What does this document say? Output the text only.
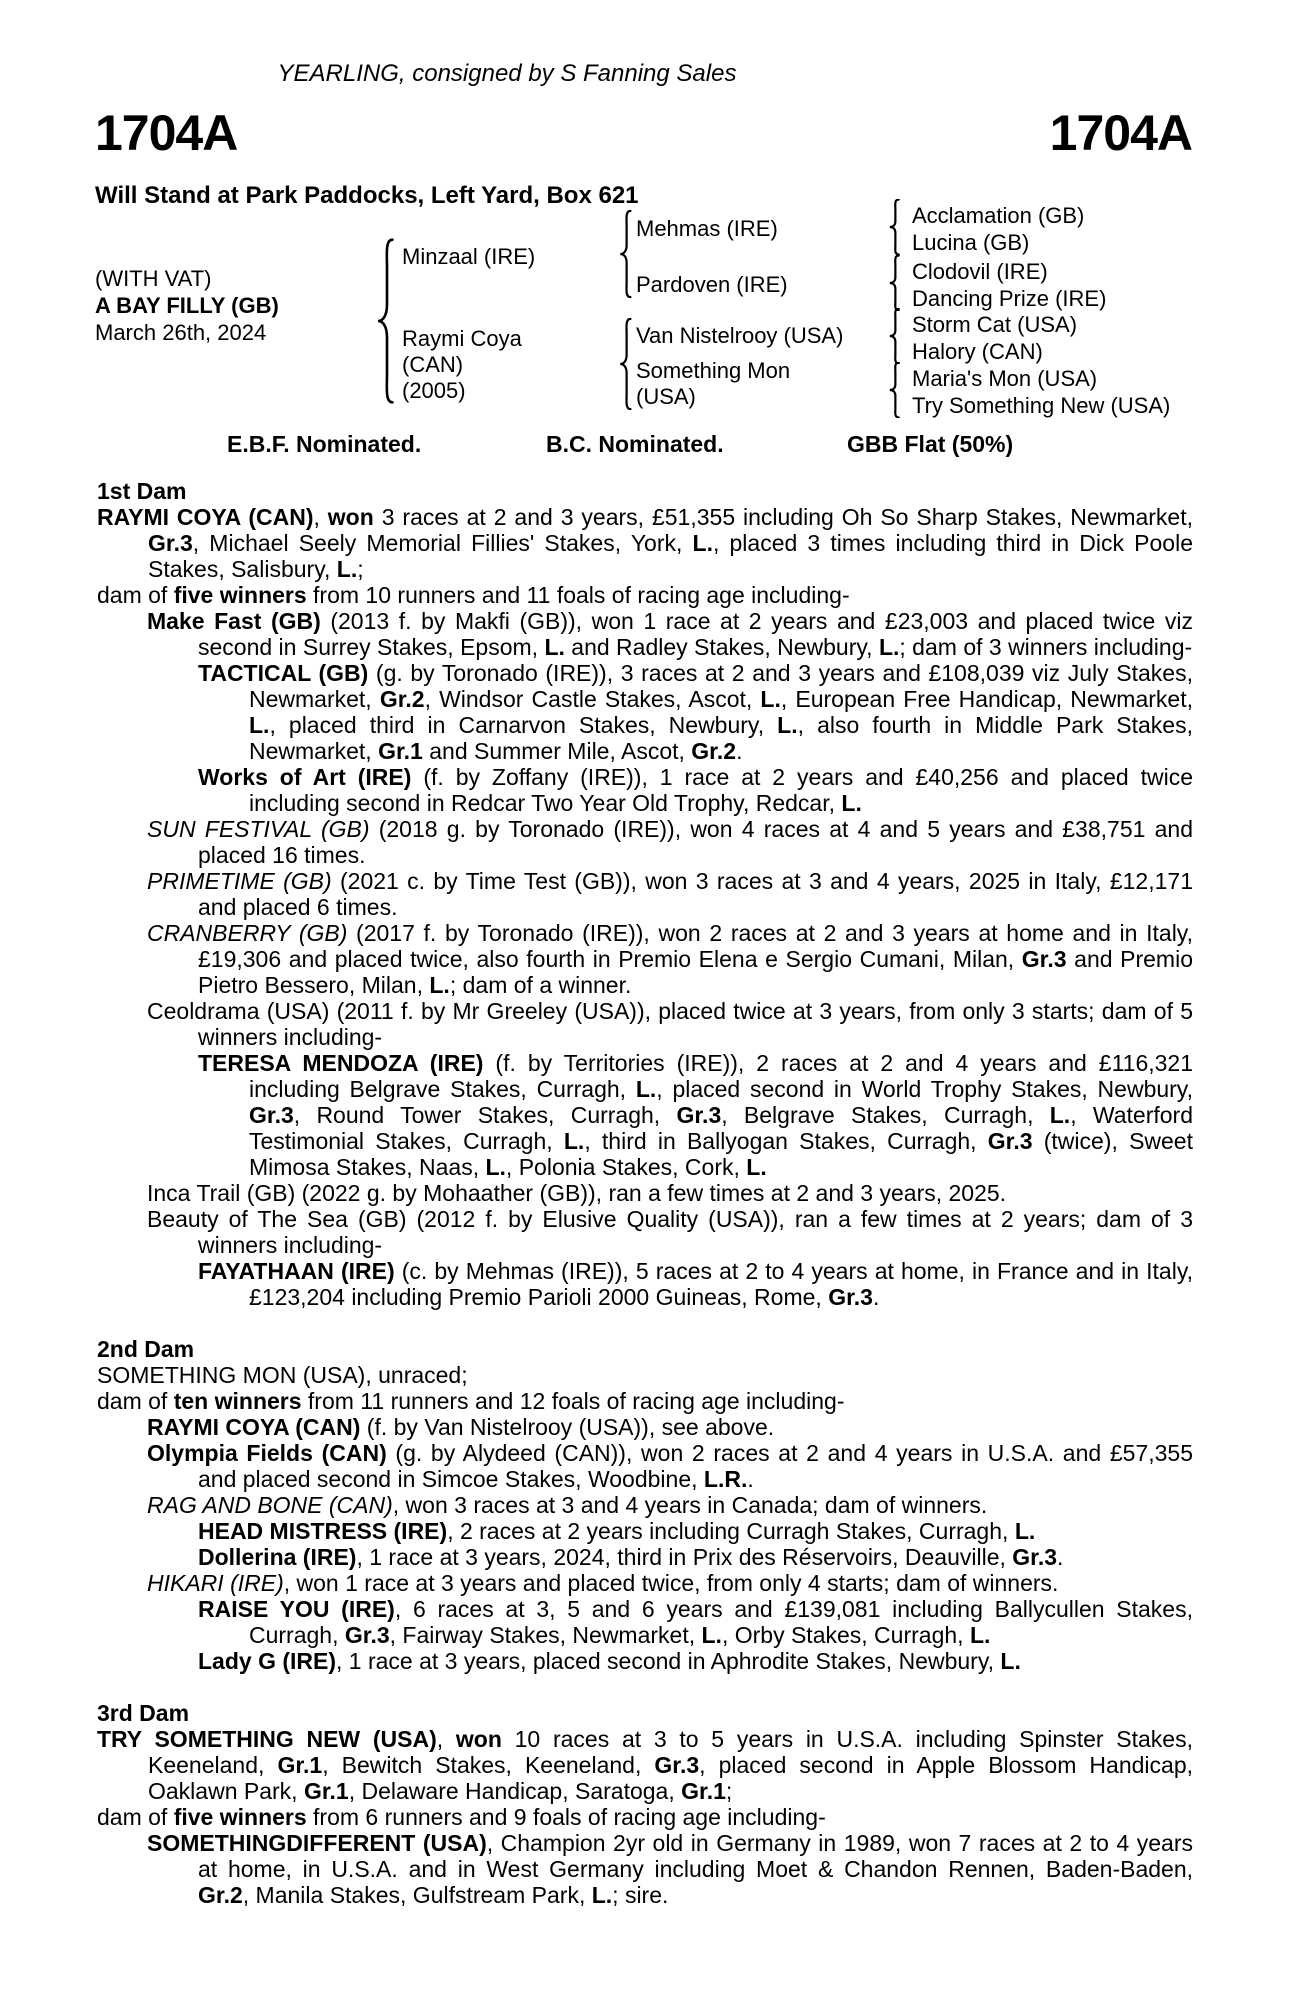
YEARLING, consigned by S Fanning Sales
1704A	1704A
Will Stand at Park Paddocks, Left Yard, Box 621
(WITH VAT)
A BAY FILLY (GB)
March 26th, 2024
Minzaal (IRE)
Raymi Coya
(CAN)
(2005)
Mehmas (IRE)
Pardoven (IRE)
Van Nistelrooy (USA)
Something Mon
(USA)
Acclamation (GB)
Lucina (GB)
Clodovil (IRE)
Dancing Prize (IRE)
Storm Cat (USA)
Halory (CAN)
Maria's Mon (USA)
Try Something New (USA)
E.B.F. Nominated.	B.C. Nominated.	GBB Flat (50%)

1st Dam

RAYMI COYA (CAN), won 3 races at 2 and 3 years, £51,355 including Oh So Sharp Stakes, Newmarket, Gr.3, Michael Seely Memorial Fillies' Stakes, York, L., placed 3 times including third in Dick Poole Stakes, Salisbury, L.;

dam of five winners from 10 runners and 11 foals of racing age including-

Make Fast (GB) (2013 f. by Makfi (GB)), won 1 race at 2 years and £23,003 and placed twice viz second in Surrey Stakes, Epsom, L. and Radley Stakes, Newbury, L.; dam of 3 winners including-

TACTICAL (GB) (g. by Toronado (IRE)), 3 races at 2 and 3 years and £108,039 viz July Stakes, Newmarket, Gr.2, Windsor Castle Stakes, Ascot, L., European Free Handicap, Newmarket, L., placed third in Carnarvon Stakes, Newbury, L., also fourth in Middle Park Stakes, Newmarket, Gr.1 and Summer Mile, Ascot, Gr.2.

Works of Art (IRE) (f. by Zoffany (IRE)), 1 race at 2 years and £40,256 and placed twice including second in Redcar Two Year Old Trophy, Redcar, L.

SUN FESTIVAL (GB) (2018 g. by Toronado (IRE)), won 4 races at 4 and 5 years and £38,751 and placed 16 times.

PRIMETIME (GB) (2021 c. by Time Test (GB)), won 3 races at 3 and 4 years, 2025 in Italy, £12,171 and placed 6 times.

CRANBERRY (GB) (2017 f. by Toronado (IRE)), won 2 races at 2 and 3 years at home and in Italy, £19,306 and placed twice, also fourth in Premio Elena e Sergio Cumani, Milan, Gr.3 and Premio Pietro Bessero, Milan, L.; dam of a winner.

Ceoldrama (USA) (2011 f. by Mr Greeley (USA)), placed twice at 3 years, from only 3 starts; dam of 5 winners including-

TERESA MENDOZA (IRE) (f. by Territories (IRE)), 2 races at 2 and 4 years and £116,321 including Belgrave Stakes, Curragh, L., placed second in World Trophy Stakes, Newbury, Gr.3, Round Tower Stakes, Curragh, Gr.3, Belgrave Stakes, Curragh, L., Waterford Testimonial Stakes, Curragh, L., third in Ballyogan Stakes, Curragh, Gr.3 (twice), Sweet Mimosa Stakes, Naas, L., Polonia Stakes, Cork, L.

Inca Trail (GB) (2022 g. by Mohaather (GB)), ran a few times at 2 and 3 years, 2025.

Beauty of The Sea (GB) (2012 f. by Elusive Quality (USA)), ran a few times at 2 years; dam of 3 winners including-

FAYATHAAN (IRE) (c. by Mehmas (IRE)), 5 races at 2 to 4 years at home, in France and in Italy, £123,204 including Premio Parioli 2000 Guineas, Rome, Gr.3.

2nd Dam

SOMETHING MON (USA), unraced;

dam of ten winners from 11 runners and 12 foals of racing age including-

RAYMI COYA (CAN) (f. by Van Nistelrooy (USA)), see above.

Olympia Fields (CAN) (g. by Alydeed (CAN)), won 2 races at 2 and 4 years in U.S.A. and £57,355 and placed second in Simcoe Stakes, Woodbine, L.R..

RAG AND BONE (CAN), won 3 races at 3 and 4 years in Canada; dam of winners.

HEAD MISTRESS (IRE), 2 races at 2 years including Curragh Stakes, Curragh, L.

Dollerina (IRE), 1 race at 3 years, 2024, third in Prix des Réservoirs, Deauville, Gr.3.

HIKARI (IRE), won 1 race at 3 years and placed twice, from only 4 starts; dam of winners.

RAISE YOU (IRE), 6 races at 3, 5 and 6 years and £139,081 including Ballycullen Stakes, Curragh, Gr.3, Fairway Stakes, Newmarket, L., Orby Stakes, Curragh, L.

Lady G (IRE), 1 race at 3 years, placed second in Aphrodite Stakes, Newbury, L.

3rd Dam

TRY SOMETHING NEW (USA), won 10 races at 3 to 5 years in U.S.A. including Spinster Stakes, Keeneland, Gr.1, Bewitch Stakes, Keeneland, Gr.3, placed second in Apple Blossom Handicap, Oaklawn Park, Gr.1, Delaware Handicap, Saratoga, Gr.1;

dam of five winners from 6 runners and 9 foals of racing age including-

SOMETHINGDIFFERENT (USA), Champion 2yr old in Germany in 1989, won 7 races at 2 to 4 years at home, in U.S.A. and in West Germany including Moet & Chandon Rennen, Baden-Baden, Gr.2, Manila Stakes, Gulfstream Park, L.; sire.
